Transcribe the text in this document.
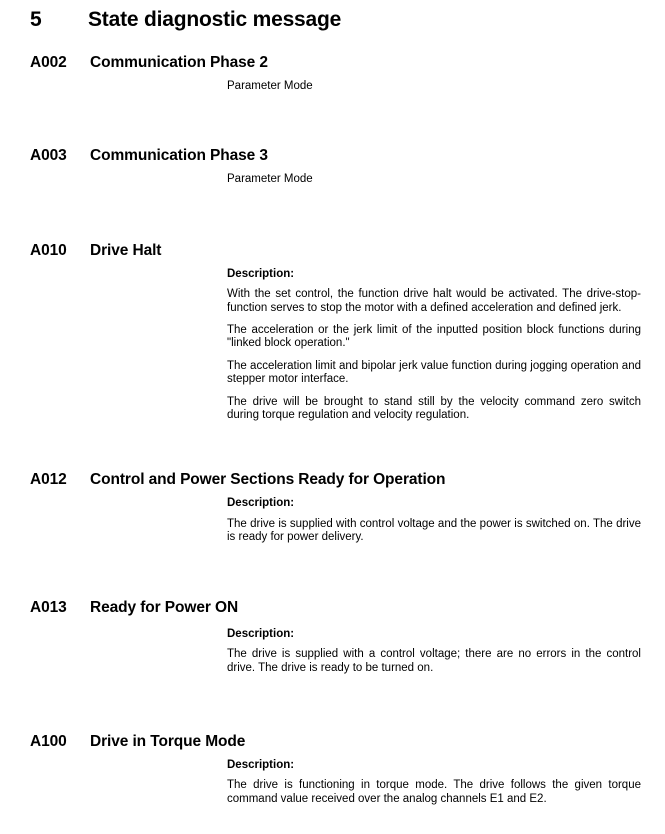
5	State diagnostic message
A002	Communication Phase 2

Parameter Mode

A003	Communication Phase 3

Parameter Mode

A010	Drive Halt

Description:

With the set control, the function drive halt would be activated. The drive-stop-function serves to stop the motor with a defined acceleration and defined jerk.

The acceleration or the jerk limit of the inputted position block functions during "linked block operation."

The acceleration limit and bipolar jerk value function during jogging operation and stepper motor interface.

The drive will be brought to stand still by the velocity command zero switch during torque regulation and velocity regulation.

A012	Control and Power Sections Ready for Operation

Description:

The drive is supplied with control voltage and the power is switched on. The drive is ready for power delivery.

A013	Ready for Power ON

Description:

The drive is supplied with a control voltage; there are no errors in the control drive. The drive is ready to be turned on.

A100	Drive in Torque Mode

Description:

The drive is functioning in torque mode. The drive follows the given torque command value received over the analog channels E1 and E2.
